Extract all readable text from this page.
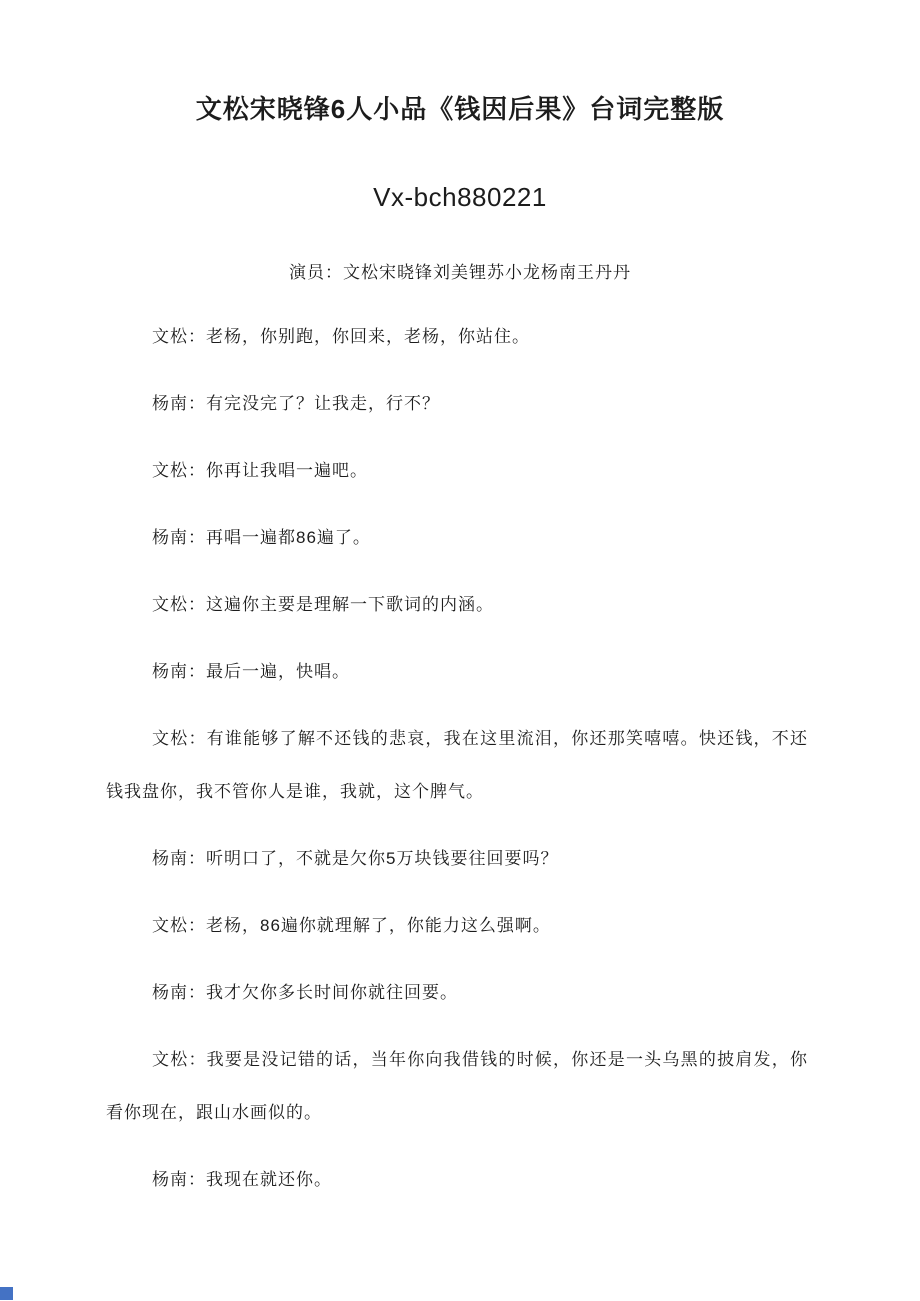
文松宋晓锋6人小品《钱因后果》台词完整版
Vx-bch880221

演员：文松宋晓锋刘美锂苏小龙杨南王丹丹

文松：老杨，你别跑，你回来，老杨，你站住。

杨南：有完没完了？让我走，行不？

文松：你再让我唱一遍吧。

杨南：再唱一遍都86遍了。

文松：这遍你主要是理解一下歌词的内涵。

杨南：最后一遍，快唱。

文松：有谁能够了解不还钱的悲哀，我在这里流泪，你还那笑嘻嘻。快还钱，不还钱我盘你，我不管你人是谁，我就，这个脾气。

杨南：听明口了，不就是欠你5万块钱要往回要吗？

文松：老杨，86遍你就理解了，你能力这么强啊。

杨南：我才欠你多长时间你就往回要。

文松：我要是没记错的话，当年你向我借钱的时候，你还是一头乌黑的披肩发，你看你现在，跟山水画似的。

杨南：我现在就还你。
